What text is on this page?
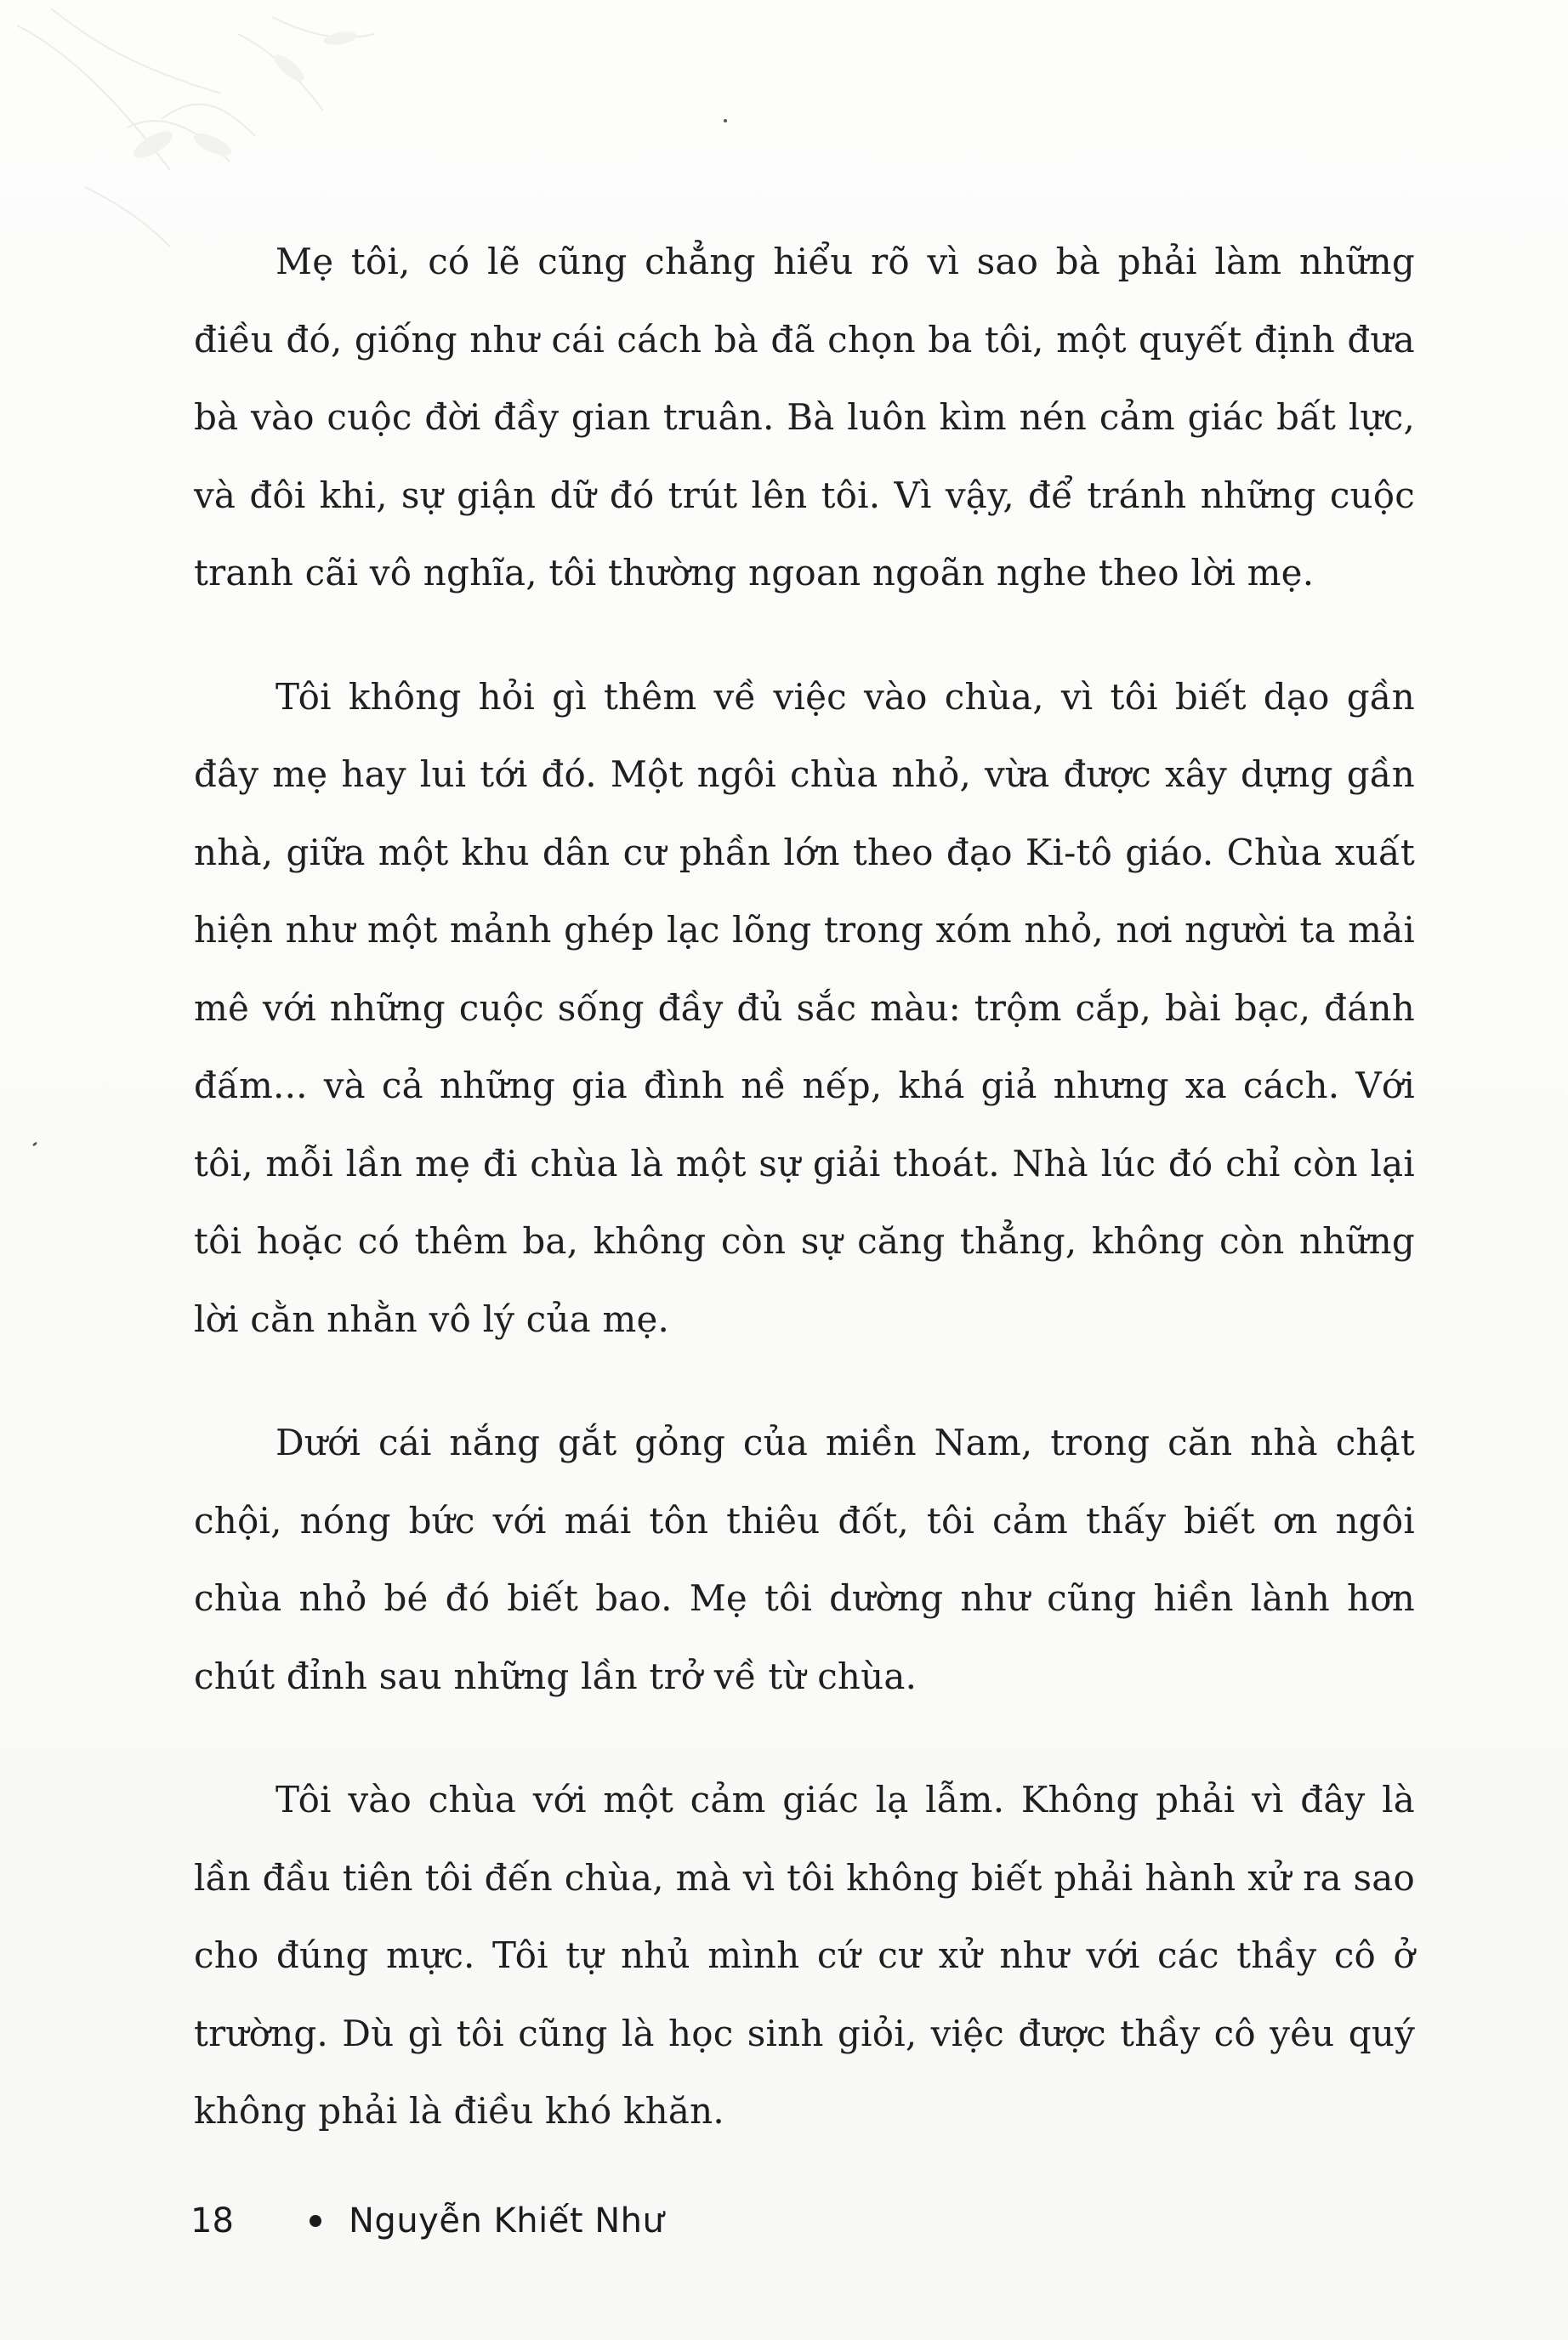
Mẹ tôi, có lẽ cũng chẳng hiểu rõ vì sao bà phải làm những điều đó, giống như cái cách bà đã chọn ba tôi, một quyết định đưa bà vào cuộc đời đầy gian truân. Bà luôn kìm nén cảm giác bất lực, và đôi khi, sự giận dữ đó trút lên tôi. Vì vậy, để tránh những cuộc tranh cãi vô nghĩa, tôi thường ngoan ngoãn nghe theo lời mẹ.

Tôi không hỏi gì thêm về việc vào chùa, vì tôi biết dạo gần đây mẹ hay lui tới đó. Một ngôi chùa nhỏ, vừa được xây dựng gần nhà, giữa một khu dân cư phần lớn theo đạo Ki-tô giáo. Chùa xuất hiện như một mảnh ghép lạc lõng trong xóm nhỏ, nơi người ta mải mê với những cuộc sống đầy đủ sắc màu: trộm cắp, bài bạc, đánh đấm... và cả những gia đình nề nếp, khá giả nhưng xa cách. Với tôi, mỗi lần mẹ đi chùa là một sự giải thoát. Nhà lúc đó chỉ còn lại tôi hoặc có thêm ba, không còn sự căng thẳng, không còn những lời cằn nhằn vô lý của mẹ.

Dưới cái nắng gắt gỏng của miền Nam, trong căn nhà chật chội, nóng bức với mái tôn thiêu đốt, tôi cảm thấy biết ơn ngôi chùa nhỏ bé đó biết bao. Mẹ tôi dường như cũng hiền lành hơn chút đỉnh sau những lần trở về từ chùa.

Tôi vào chùa với một cảm giác lạ lẫm. Không phải vì đây là lần đầu tiên tôi đến chùa, mà vì tôi không biết phải hành xử ra sao cho đúng mực. Tôi tự nhủ mình cứ cư xử như với các thầy cô ở trường. Dù gì tôi cũng là học sinh giỏi, việc được thầy cô yêu quý không phải là điều khó khăn.

18	Nguyễn Khiết Như
